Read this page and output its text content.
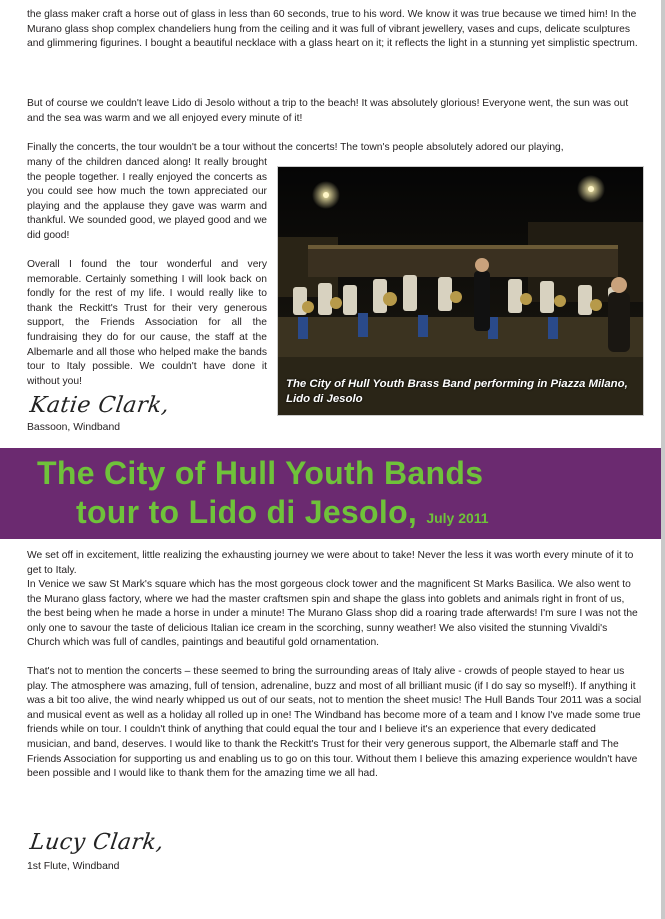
the glass maker craft a horse out of glass in less than 60 seconds, true to his word. We know it was true because we timed him! In the Murano glass shop complex chandeliers hung from the ceiling and it was full of vibrant jewellery, vases and cups, delicate sculptures and glimmering figurines. I bought a beautiful necklace with a glass heart on it; it reflects the light in a stunning yet simplistic spectrum.

But of course we couldn't leave Lido di Jesolo without a trip to the beach! It was absolutely glorious! Everyone went, the sun was out and the sea was warm and we all enjoyed every minute of it!

Finally the concerts, the tour wouldn't be a tour without the concerts! The town's people absolutely adored our playing,

many of the children danced along! It really brought the people together. I really enjoyed the concerts as you could see how much the town appreciated our playing and the applause they gave was warm and thankful. We sounded good, we played good and we did good!

Overall I found the tour wonderful and very memorable. Certainly something I will look back on fondly for the rest of my life. I would really like to thank the Reckitt's Trust for their very generous support, the Friends Association for all the fundraising they do for our cause, the staff at the Albemarle and all those who helped make the bands tour to Italy possible. We couldn't have done it without you!

Katie Clark,
Bassoon, Windband
The City of Hull Youth Brass Band performing in Piazza Milano, Lido di Jesolo
The City of Hull Youth Bands
tour to Lido di Jesolo, July 2011

We set off in excitement, little realizing the exhausting journey we were about to take! Never the less it was worth every minute of it to get to Italy.

In Venice we saw St Mark's square which has the most gorgeous clock tower and the magnificent St Marks Basilica. We also went to the Murano glass factory, where we had the master craftsmen spin and shape the glass into goblets and animals right in front of us, the best being when he made a horse in under a minute! The Murano Glass shop did a roaring trade afterwards! I'm sure I was not the only one to savour the taste of delicious Italian ice cream in the scorching, sunny weather! We also visited the stunning Vivaldi's Church which was full of candles, paintings and beautiful gold ornamentation.

That's not to mention the concerts – these seemed to bring the surrounding areas of Italy alive - crowds of people stayed to hear us play. The atmosphere was amazing, full of tension, adrenaline, buzz and most of all brilliant music (if I do say so myself!). If anything it was a bit too alive, the wind nearly whipped us out of our seats, not to mention the sheet music! The Hull Bands Tour 2011 was a social and musical event as well as a holiday all rolled up in one! The Windband has become more of a team and I know I've made some true friends while on tour. I couldn't think of anything that could equal the tour and I believe it's an experience that every dedicated musician, and band, deserves. I would like to thank the Reckitt's Trust for their very generous support, the Albemarle staff and The Friends Association for supporting us and enabling us to go on this tour. Without them I believe this amazing experience wouldn't have been possible and I would like to thank them for the amazing time we all had.

Lucy Clark,
1st Flute, Windband
